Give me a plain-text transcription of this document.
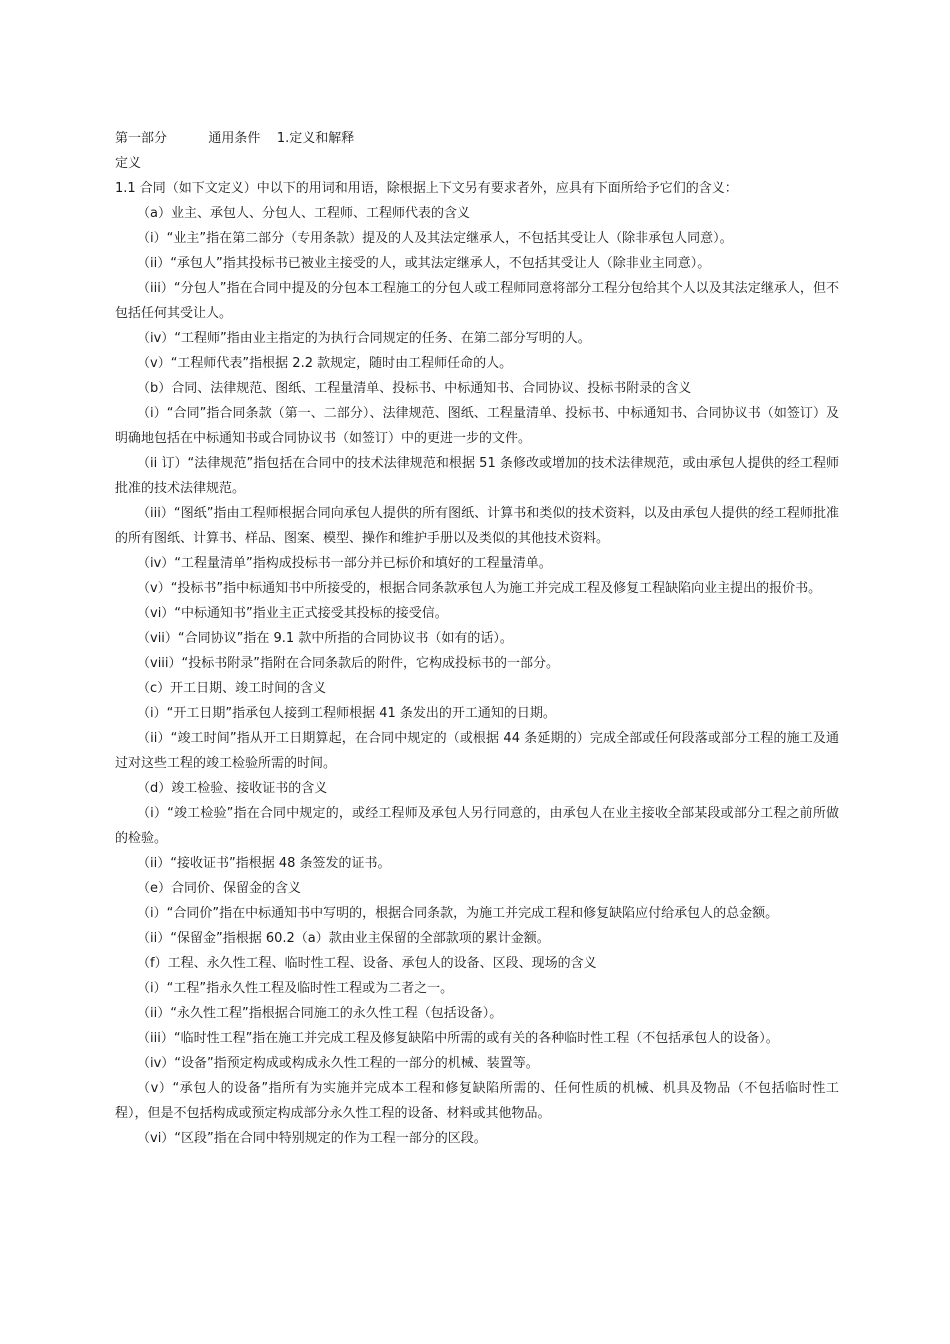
第一部分          通用条件    1.定义和解释

定义

1.1 合同（如下文定义）中以下的用词和用语，除根据上下文另有要求者外，应具有下面所给予它们的含义：

（a）业主、承包人、分包人、工程师、工程师代表的含义

（i）“业主”指在第二部分（专用条款）提及的人及其法定继承人，不包括其受让人（除非承包人同意）。

（ii）“承包人”指其投标书已被业主接受的人，或其法定继承人，不包括其受让人（除非业主同意）。

（iii）“分包人”指在合同中提及的分包本工程施工的分包人或工程师同意将部分工程分包给其个人以及其法定继承人，但不包括任何其受让人。

（iv）“工程师”指由业主指定的为执行合同规定的任务、在第二部分写明的人。

（v）“工程师代表”指根据 2.2 款规定，随时由工程师任命的人。

（b）合同、法律规范、图纸、工程量清单、投标书、中标通知书、合同协议、投标书附录的含义

（i）“合同”指合同条款（第一、二部分）、法律规范、图纸、工程量清单、投标书、中标通知书、合同协议书（如签订）及明确地包括在中标通知书或合同协议书（如签订）中的更进一步的文件。

（ii 订）“法律规范”指包括在合同中的技术法律规范和根据 51 条修改或增加的技术法律规范，或由承包人提供的经工程师批准的技术法律规范。

（iii）“图纸”指由工程师根据合同向承包人提供的所有图纸、计算书和类似的技术资料，以及由承包人提供的经工程师批准的所有图纸、计算书、样品、图案、模型、操作和维护手册以及类似的其他技术资料。

（iv）“工程量清单”指构成投标书一部分并已标价和填好的工程量清单。

（v）“投标书”指中标通知书中所接受的，根据合同条款承包人为施工并完成工程及修复工程缺陷向业主提出的报价书。

（vi）“中标通知书”指业主正式接受其投标的接受信。

（vii）“合同协议”指在 9.1 款中所指的合同协议书（如有的话）。

（viii）“投标书附录”指附在合同条款后的附件，它构成投标书的一部分。

（c）开工日期、竣工时间的含义

（i）“开工日期”指承包人接到工程师根据 41 条发出的开工通知的日期。

（ii）“竣工时间”指从开工日期算起，在合同中规定的（或根据 44 条延期的）完成全部或任何段落或部分工程的施工及通过对这些工程的竣工检验所需的时间。

（d）竣工检验、接收证书的含义

（i）“竣工检验”指在合同中规定的，或经工程师及承包人另行同意的，由承包人在业主接收全部某段或部分工程之前所做的检验。

（ii）“接收证书”指根据 48 条签发的证书。

（e）合同价、保留金的含义

（i）“合同价”指在中标通知书中写明的，根据合同条款，为施工并完成工程和修复缺陷应付给承包人的总金额。

（ii）“保留金”指根据 60.2（a）款由业主保留的全部款项的累计金额。

（f）工程、永久性工程、临时性工程、设备、承包人的设备、区段、现场的含义

（i）“工程”指永久性工程及临时性工程或为二者之一。

（ii）“永久性工程”指根据合同施工的永久性工程（包括设备）。

（iii）“临时性工程”指在施工并完成工程及修复缺陷中所需的或有关的各种临时性工程（不包括承包人的设备）。

（iv）“设备”指预定构成或构成永久性工程的一部分的机械、装置等。

（v）“承包人的设备”指所有为实施并完成本工程和修复缺陷所需的、任何性质的机械、机具及物品（不包括临时性工程），但是不包括构成或预定构成部分永久性工程的设备、材料或其他物品。

（vi）“区段”指在合同中特别规定的作为工程一部分的区段。
